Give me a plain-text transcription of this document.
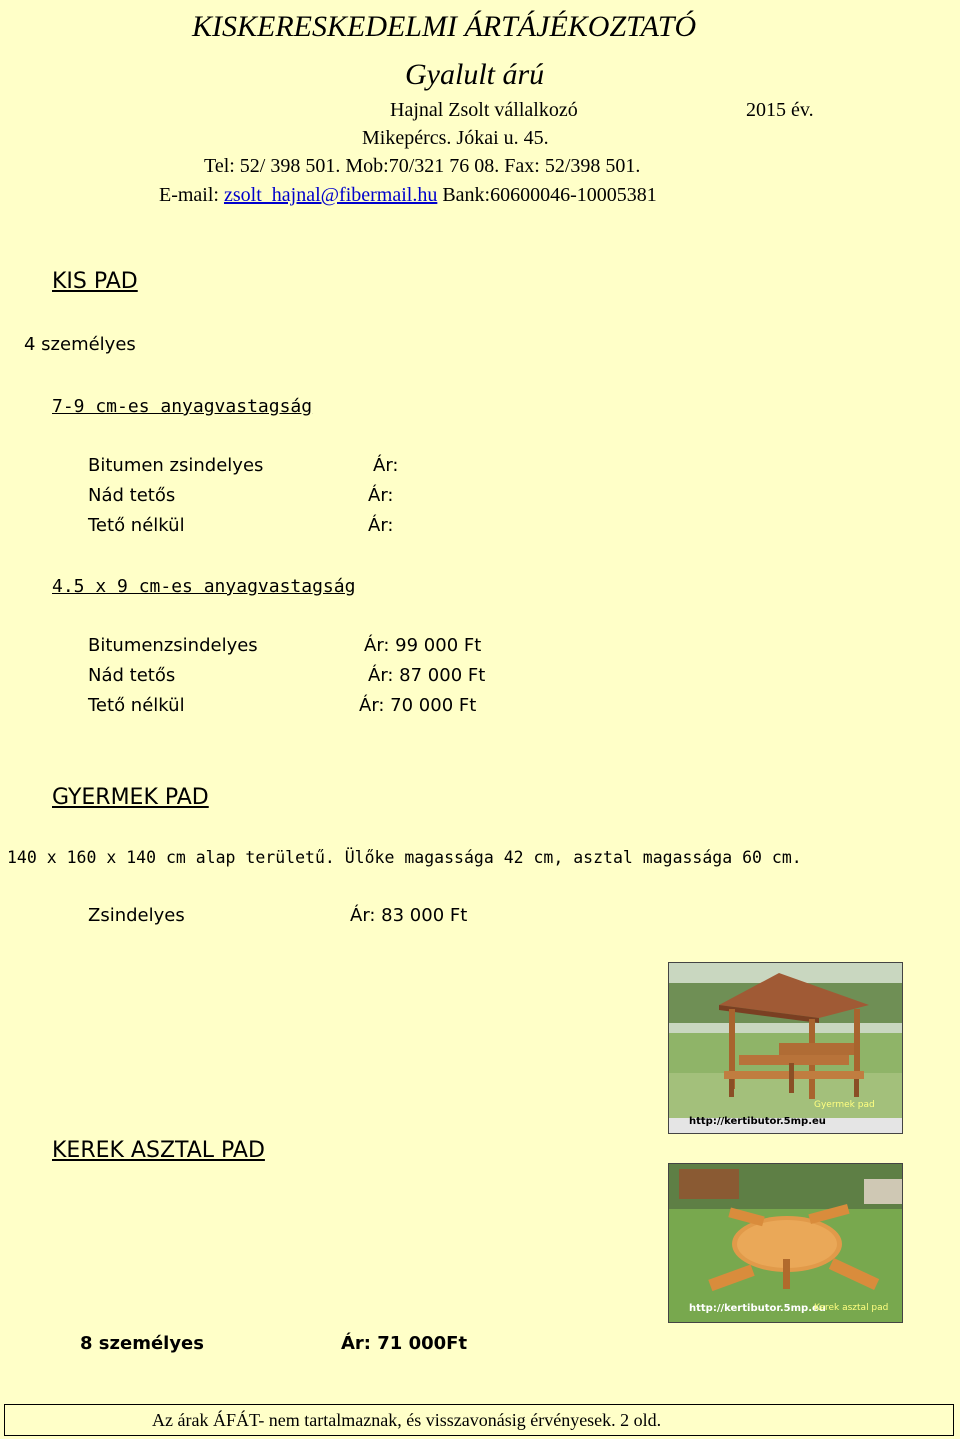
KISKERESKEDELMI ÁRTÁJÉKOZTATÓ
Gyalult árú
Hajnal Zsolt vállalkozó	2015 év.
Mikepércs. Jókai u. 45.
Tel: 52/ 398 501. Mob:70/321 76 08. Fax: 52/398 501.
E-mail: zsolt_hajnal@fibermail.hu Bank:60600046-10005381
KIS PAD
4 személyes
7-9 cm-es anyagvastagság
Bitumen zsindelyes	Ár:
Nád tetős	Ár:
Tető nélkül	Ár:
4.5 x 9 cm-es anyagvastagság
Bitumenzsindelyes	Ár: 99 000 Ft
Nád tetős	Ár: 87 000 Ft
Tető nélkül	Ár: 70 000 Ft
GYERMEK PAD
140 x 160 x 140 cm alap területű. Ülőke magassága 42 cm, asztal magassága 60 cm.
Zsindelyes	Ár: 83 000 Ft
http://kertibutor.5mp.eu
Gyermek pad
KEREK ASZTAL PAD
http://kertibutor.5mp.eu
Kerek asztal pad
8 személyes	Ár: 71 000Ft
Az árak ÁFÁT- nem tartalmaznak, és visszavonásig érvényesek. 2 old.
